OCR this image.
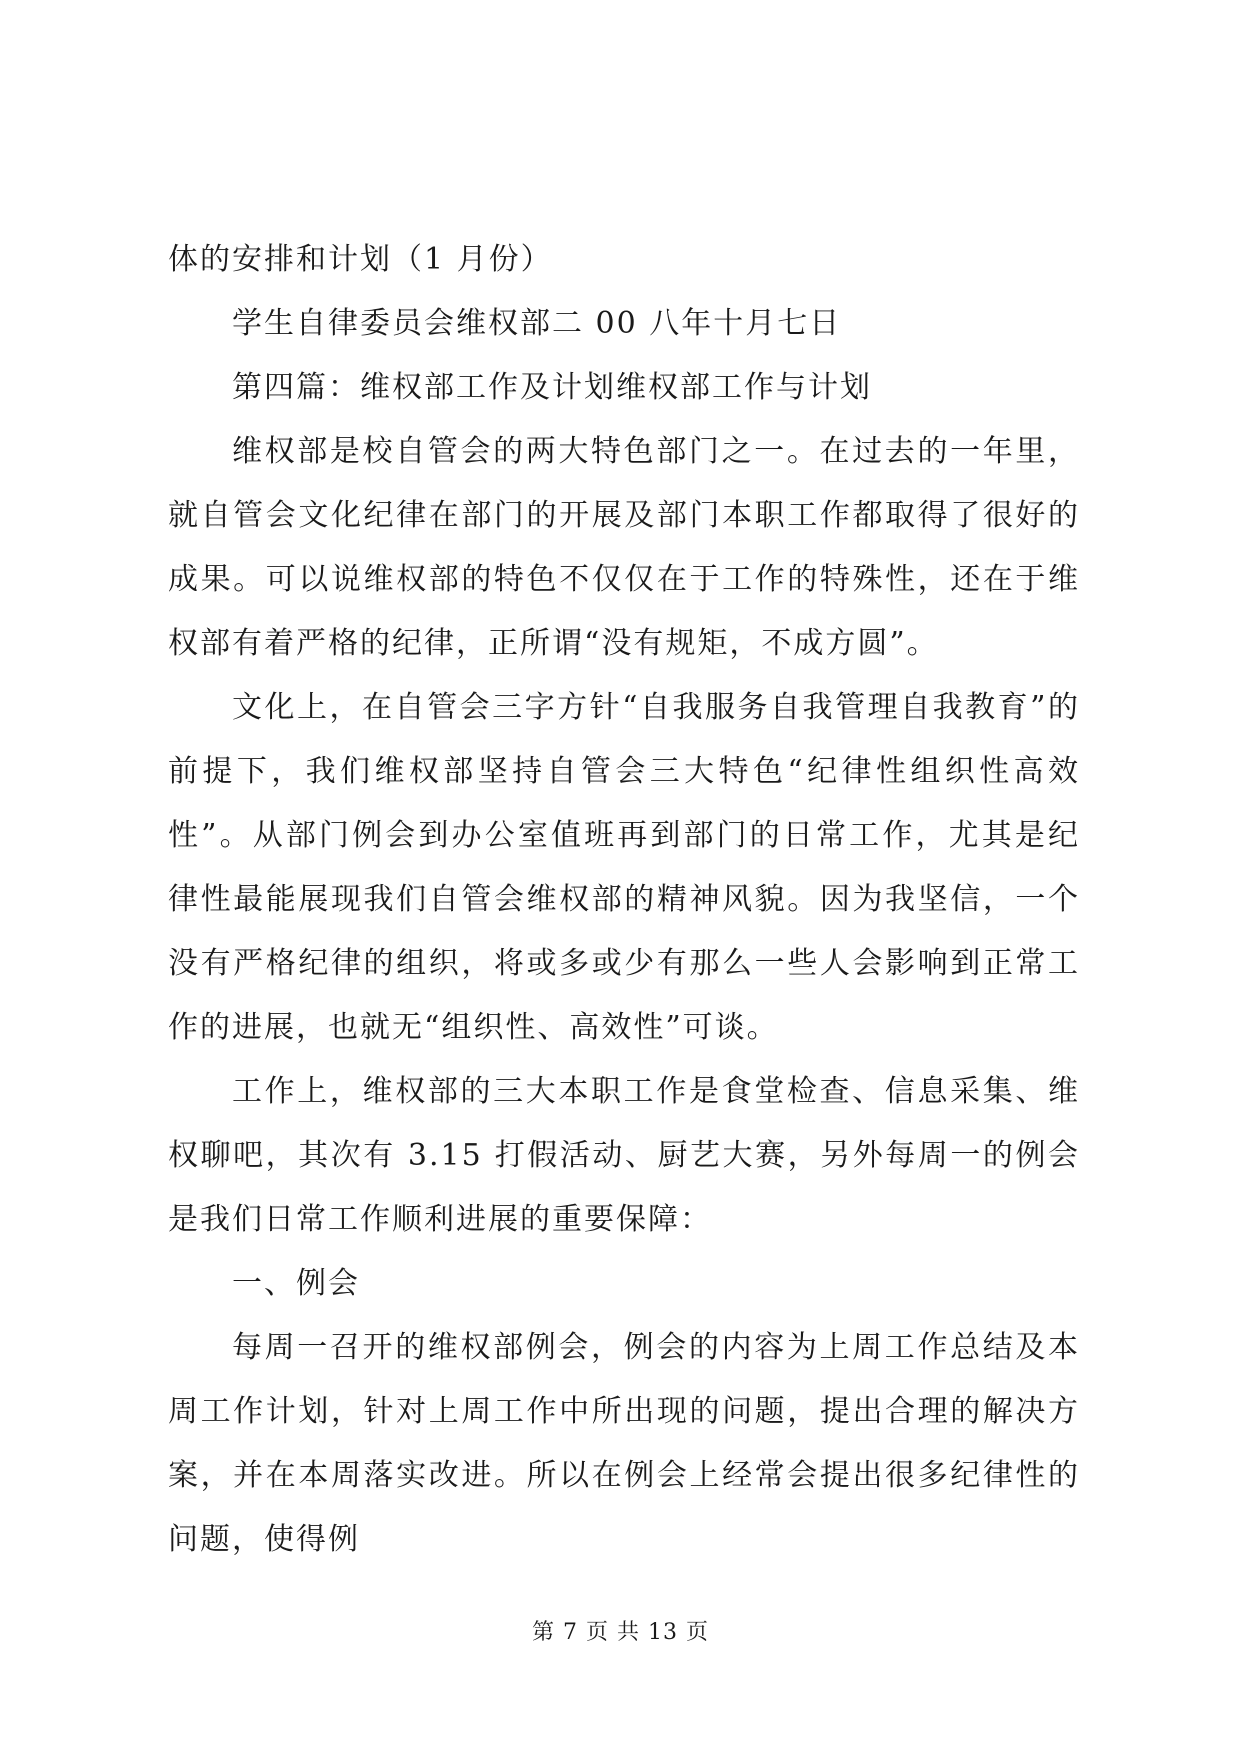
体的安排和计划（1 月份）

学生自律委员会维权部二 00 八年十月七日

第四篇：维权部工作及计划维权部工作与计划

维权部是校自管会的两大特色部门之一。在过去的一年里，就自管会文化纪律在部门的开展及部门本职工作都取得了很好的成果。可以说维权部的特色不仅仅在于工作的特殊性，还在于维权部有着严格的纪律，正所谓“没有规矩，不成方圆”。

文化上，在自管会三字方针“自我服务自我管理自我教育”的前提下，我们维权部坚持自管会三大特色“纪律性组织性高效性”。从部门例会到办公室值班再到部门的日常工作，尤其是纪律性最能展现我们自管会维权部的精神风貌。因为我坚信，一个没有严格纪律的组织，将或多或少有那么一些人会影响到正常工作的进展，也就无“组织性、高效性”可谈。

工作上，维权部的三大本职工作是食堂检查、信息采集、维权聊吧，其次有 3.15 打假活动、厨艺大赛，另外每周一的例会是我们日常工作顺利进展的重要保障：

一、例会

每周一召开的维权部例会，例会的内容为上周工作总结及本周工作计划，针对上周工作中所出现的问题，提出合理的解决方案，并在本周落实改进。所以在例会上经常会提出很多纪律性的问题，使得例

第 7 页 共 13 页
